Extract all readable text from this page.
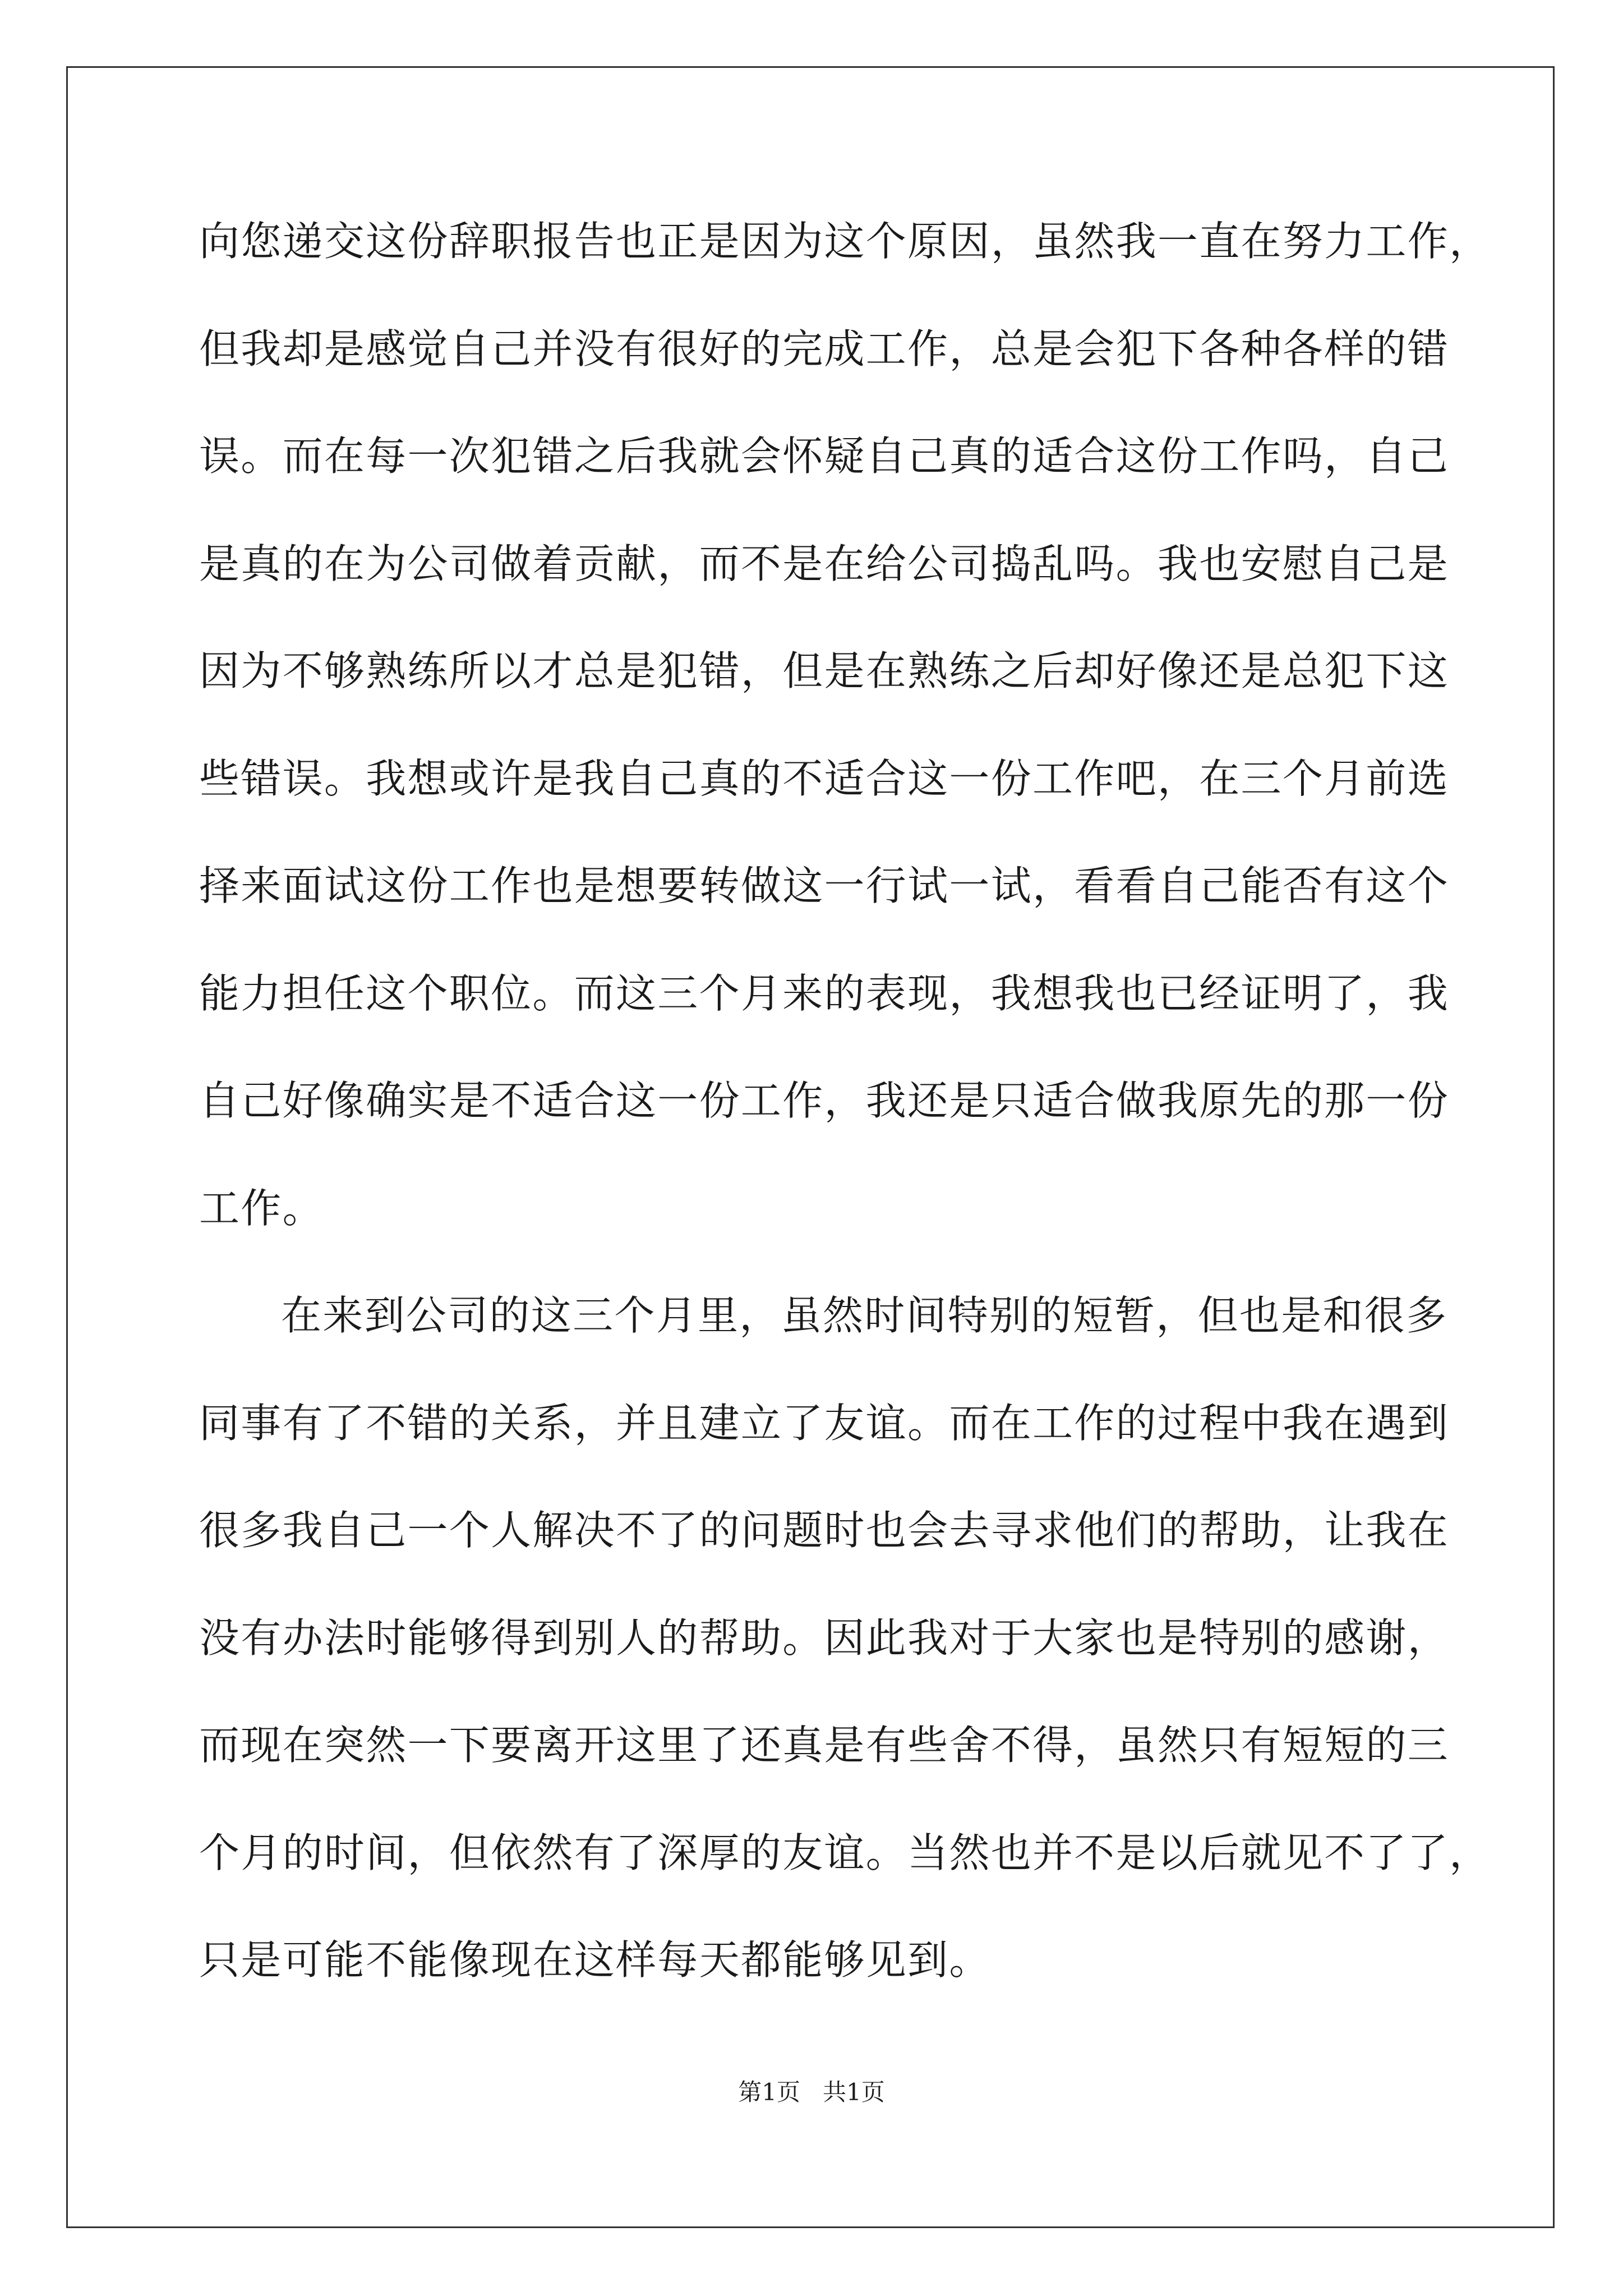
向您递交这份辞职报告也正是因为这个原因，虽然我一直在努力工作，
但我却是感觉自己并没有很好的完成工作，总是会犯下各种各样的错
误。而在每一次犯错之后我就会怀疑自己真的适合这份工作吗，自己
是真的在为公司做着贡献，而不是在给公司捣乱吗。我也安慰自己是
因为不够熟练所以才总是犯错，但是在熟练之后却好像还是总犯下这
些错误。我想或许是我自己真的不适合这一份工作吧，在三个月前选
择来面试这份工作也是想要转做这一行试一试，看看自己能否有这个
能力担任这个职位。而这三个月来的表现，我想我也已经证明了，我
自己好像确实是不适合这一份工作，我还是只适合做我原先的那一份
工作。
在来到公司的这三个月里，虽然时间特别的短暂，但也是和很多
同事有了不错的关系，并且建立了友谊。而在工作的过程中我在遇到
很多我自己一个人解决不了的问题时也会去寻求他们的帮助，让我在
没有办法时能够得到别人的帮助。因此我对于大家也是特别的感谢，
而现在突然一下要离开这里了还真是有些舍不得，虽然只有短短的三
个月的时间，但依然有了深厚的友谊。当然也并不是以后就见不了了，
只是可能不能像现在这样每天都能够见到。
第1页   共1页
